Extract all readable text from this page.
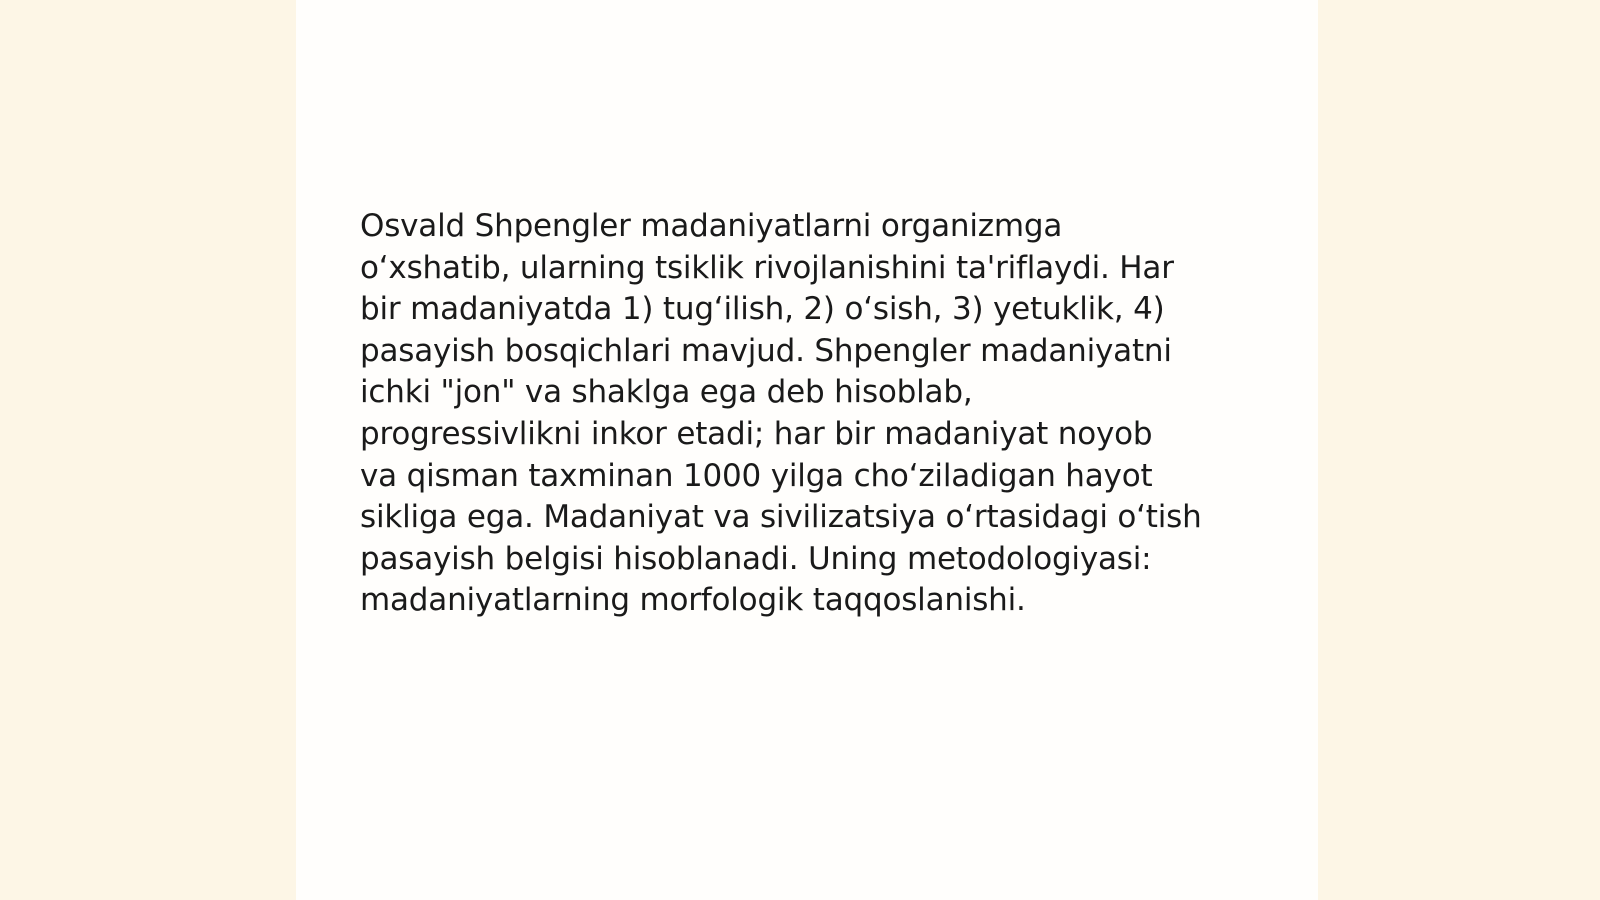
Osvald Shpengler madaniyatlarni organizmga
o‘xshatib, ularning tsiklik rivojlanishini ta'riflaydi. Har
bir madaniyatda 1) tug‘ilish, 2) o‘sish, 3) yetuklik, 4)
pasayish bosqichlari mavjud. Shpengler madaniyatni
ichki "jon" va shaklga ega deb hisoblab,
progressivlikni inkor etadi; har bir madaniyat noyob
va qisman taxminan 1000 yilga cho‘ziladigan hayot
sikliga ega. Madaniyat va sivilizatsiya o‘rtasidagi o‘tish
pasayish belgisi hisoblanadi. Uning metodologiyasi:
madaniyatlarning morfologik taqqoslanishi.
